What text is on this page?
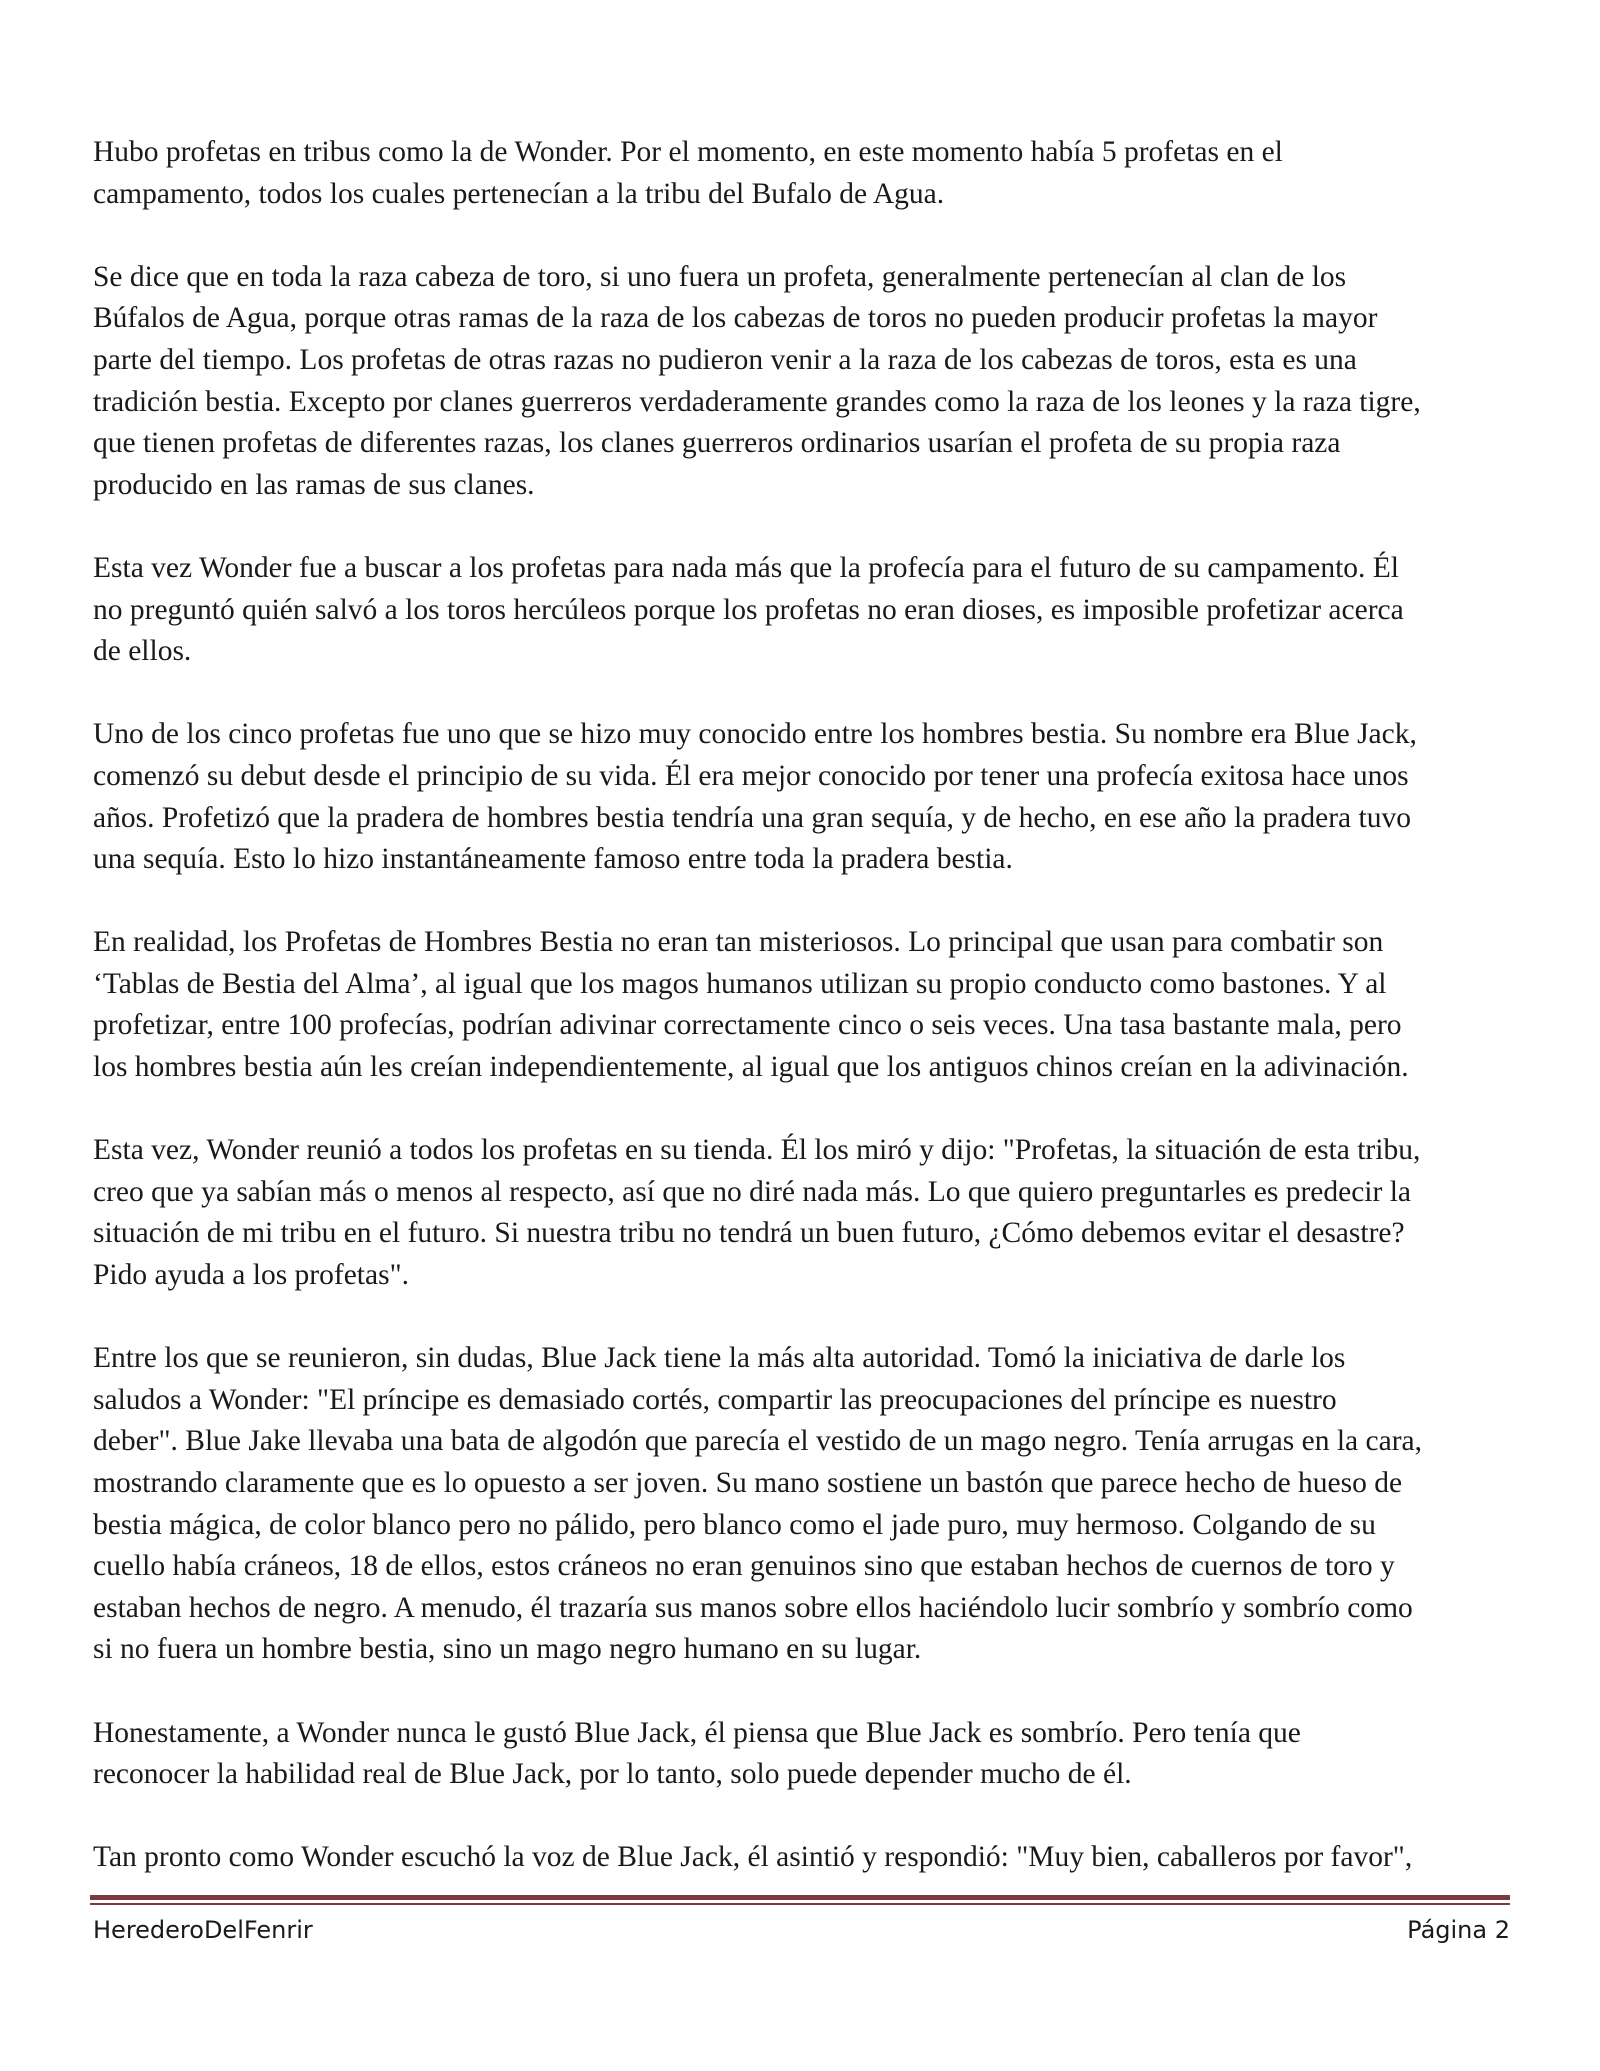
Hubo profetas en tribus como la de Wonder. Por el momento, en este momento había 5 profetas en el
campamento, todos los cuales pertenecían a la tribu del Bufalo de Agua.

Se dice que en toda la raza cabeza de toro, si uno fuera un profeta, generalmente pertenecían al clan de los
Búfalos de Agua, porque otras ramas de la raza de los cabezas de toros no pueden producir profetas la mayor
parte del tiempo. Los profetas de otras razas no pudieron venir a la raza de los cabezas de toros, esta es una
tradición bestia. Excepto por clanes guerreros verdaderamente grandes como la raza de los leones y la raza tigre,
que tienen profetas de diferentes razas, los clanes guerreros ordinarios usarían el profeta de su propia raza
producido en las ramas de sus clanes.

Esta vez Wonder fue a buscar a los profetas para nada más que la profecía para el futuro de su campamento. Él
no preguntó quién salvó a los toros hercúleos porque los profetas no eran dioses, es imposible profetizar acerca
de ellos.

Uno de los cinco profetas fue uno que se hizo muy conocido entre los hombres bestia. Su nombre era Blue Jack,
comenzó su debut desde el principio de su vida. Él era mejor conocido por tener una profecía exitosa hace unos
años. Profetizó que la pradera de hombres bestia tendría una gran sequía, y de hecho, en ese año la pradera tuvo
una sequía. Esto lo hizo instantáneamente famoso entre toda la pradera bestia.

En realidad, los Profetas de Hombres Bestia no eran tan misteriosos. Lo principal que usan para combatir son
‘Tablas de Bestia del Alma’, al igual que los magos humanos utilizan su propio conducto como bastones. Y al
profetizar, entre 100 profecías, podrían adivinar correctamente cinco o seis veces. Una tasa bastante mala, pero
los hombres bestia aún les creían independientemente, al igual que los antiguos chinos creían en la adivinación.

Esta vez, Wonder reunió a todos los profetas en su tienda. Él los miró y dijo: "Profetas, la situación de esta tribu,
creo que ya sabían más o menos al respecto, así que no diré nada más. Lo que quiero preguntarles es predecir la
situación de mi tribu en el futuro. Si nuestra tribu no tendrá un buen futuro, ¿Cómo debemos evitar el desastre?
Pido ayuda a los profetas".

Entre los que se reunieron, sin dudas, Blue Jack tiene la más alta autoridad. Tomó la iniciativa de darle los
saludos a Wonder: "El príncipe es demasiado cortés, compartir las preocupaciones del príncipe es nuestro
deber". Blue Jake llevaba una bata de algodón que parecía el vestido de un mago negro. Tenía arrugas en la cara,
mostrando claramente que es lo opuesto a ser joven. Su mano sostiene un bastón que parece hecho de hueso de
bestia mágica, de color blanco pero no pálido, pero blanco como el jade puro, muy hermoso. Colgando de su
cuello había cráneos, 18 de ellos, estos cráneos no eran genuinos sino que estaban hechos de cuernos de toro y
estaban hechos de negro. A menudo, él trazaría sus manos sobre ellos haciéndolo lucir sombrío y sombrío como
si no fuera un hombre bestia, sino un mago negro humano en su lugar.

Honestamente, a Wonder nunca le gustó Blue Jack, él piensa que Blue Jack es sombrío. Pero tenía que
reconocer la habilidad real de Blue Jack, por lo tanto, solo puede depender mucho de él.

Tan pronto como Wonder escuchó la voz de Blue Jack, él asintió y respondió: "Muy bien, caballeros por favor",

HerederoDelFenrir	Página 2
